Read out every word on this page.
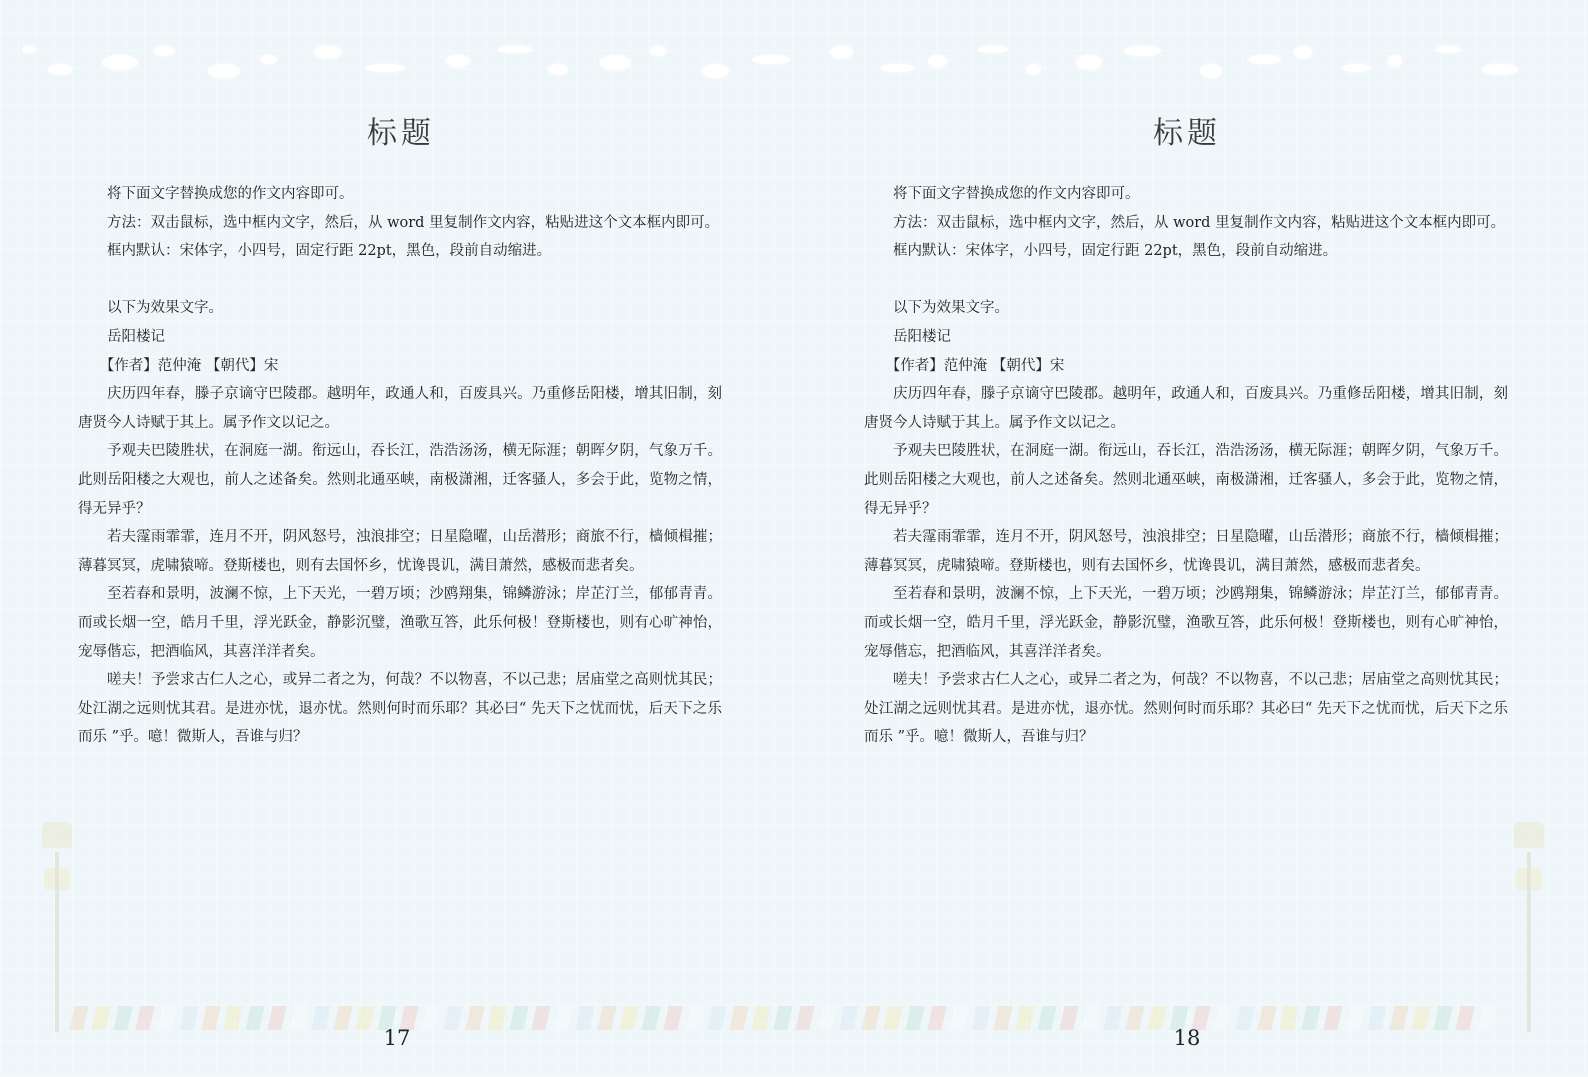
标题

将下面文字替换成您的作文内容即可。

方法：双击鼠标，选中框内文字，然后，从 word 里复制作文内容，粘贴进这个文本框内即可。

框内默认：宋体字，小四号，固定行距 22pt，黑色，段前自动缩进。

以下为效果文字。

岳阳楼记

【作者】范仲淹 【朝代】宋

庆历四年春，滕子京谪守巴陵郡。越明年，政通人和，百废具兴。乃重修岳阳楼，增其旧制，刻唐贤今人诗赋于其上。属予作文以记之。

予观夫巴陵胜状，在洞庭一湖。衔远山，吞长江，浩浩汤汤，横无际涯；朝晖夕阴，气象万千。此则岳阳楼之大观也，前人之述备矣。然则北通巫峡，南极潇湘，迁客骚人，多会于此，览物之情，得无异乎？

若夫霪雨霏霏，连月不开，阴风怒号，浊浪排空；日星隐曜，山岳潜形；商旅不行，樯倾楫摧；薄暮冥冥，虎啸猿啼。登斯楼也，则有去国怀乡，忧谗畏讥，满目萧然，感极而悲者矣。

至若春和景明，波澜不惊，上下天光，一碧万顷；沙鸥翔集，锦鳞游泳；岸芷汀兰，郁郁青青。而或长烟一空，皓月千里，浮光跃金，静影沉璧，渔歌互答，此乐何极！登斯楼也，则有心旷神怡，宠辱偕忘，把酒临风，其喜洋洋者矣。

嗟夫！予尝求古仁人之心，或异二者之为，何哉？不以物喜，不以己悲；居庙堂之高则忧其民；处江湖之远则忧其君。是进亦忧，退亦忧。然则何时而乐耶？其必曰“ 先天下之忧而忧，后天下之乐而乐 ”乎。噫！微斯人，吾谁与归？

17
标题

将下面文字替换成您的作文内容即可。

方法：双击鼠标，选中框内文字，然后，从 word 里复制作文内容，粘贴进这个文本框内即可。

框内默认：宋体字，小四号，固定行距 22pt，黑色，段前自动缩进。

以下为效果文字。

岳阳楼记

【作者】范仲淹 【朝代】宋

庆历四年春，滕子京谪守巴陵郡。越明年，政通人和，百废具兴。乃重修岳阳楼，增其旧制，刻唐贤今人诗赋于其上。属予作文以记之。

予观夫巴陵胜状，在洞庭一湖。衔远山，吞长江，浩浩汤汤，横无际涯；朝晖夕阴，气象万千。此则岳阳楼之大观也，前人之述备矣。然则北通巫峡，南极潇湘，迁客骚人，多会于此，览物之情，得无异乎？

若夫霪雨霏霏，连月不开，阴风怒号，浊浪排空；日星隐曜，山岳潜形；商旅不行，樯倾楫摧；薄暮冥冥，虎啸猿啼。登斯楼也，则有去国怀乡，忧谗畏讥，满目萧然，感极而悲者矣。

至若春和景明，波澜不惊，上下天光，一碧万顷；沙鸥翔集，锦鳞游泳；岸芷汀兰，郁郁青青。而或长烟一空，皓月千里，浮光跃金，静影沉璧，渔歌互答，此乐何极！登斯楼也，则有心旷神怡，宠辱偕忘，把酒临风，其喜洋洋者矣。

嗟夫！予尝求古仁人之心，或异二者之为，何哉？不以物喜，不以己悲；居庙堂之高则忧其民；处江湖之远则忧其君。是进亦忧，退亦忧。然则何时而乐耶？其必曰“ 先天下之忧而忧，后天下之乐而乐 ”乎。噫！微斯人，吾谁与归？

18
